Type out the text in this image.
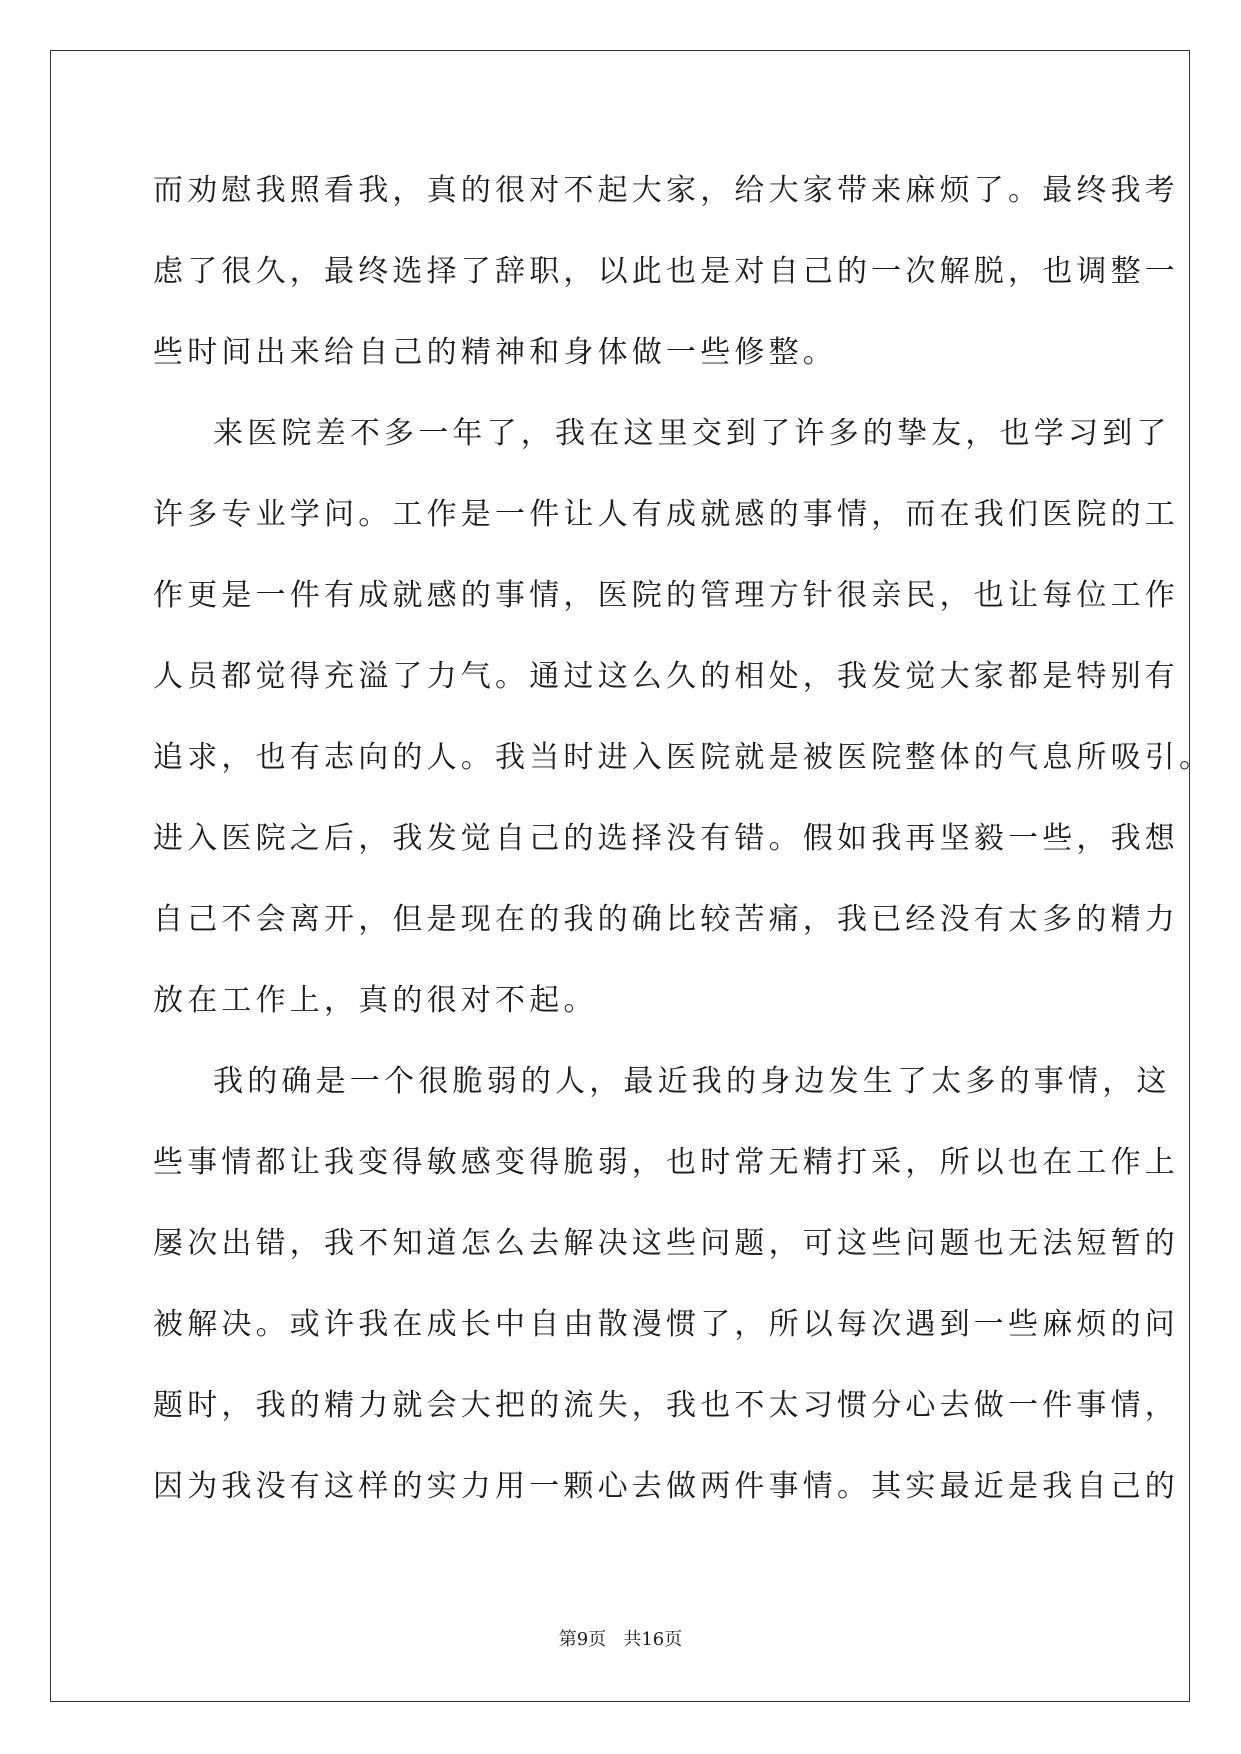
而劝慰我照看我，真的很对不起大家，给大家带来麻烦了。最终我考
虑了很久，最终选择了辞职，以此也是对自己的一次解脱，也调整一
些时间出来给自己的精神和身体做一些修整。
来医院差不多一年了，我在这里交到了许多的挚友，也学习到了
许多专业学问。工作是一件让人有成就感的事情，而在我们医院的工
作更是一件有成就感的事情，医院的管理方针很亲民，也让每位工作
人员都觉得充溢了力气。通过这么久的相处，我发觉大家都是特别有
追求，也有志向的人。我当时进入医院就是被医院整体的气息所吸引。
进入医院之后，我发觉自己的选择没有错。假如我再坚毅一些，我想
自己不会离开，但是现在的我的确比较苦痛，我已经没有太多的精力
放在工作上，真的很对不起。
我的确是一个很脆弱的人，最近我的身边发生了太多的事情，这
些事情都让我变得敏感变得脆弱，也时常无精打采，所以也在工作上
屡次出错，我不知道怎么去解决这些问题，可这些问题也无法短暂的
被解决。或许我在成长中自由散漫惯了，所以每次遇到一些麻烦的问
题时，我的精力就会大把的流失，我也不太习惯分心去做一件事情，
因为我没有这样的实力用一颗心去做两件事情。其实最近是我自己的
第9页   共16页
